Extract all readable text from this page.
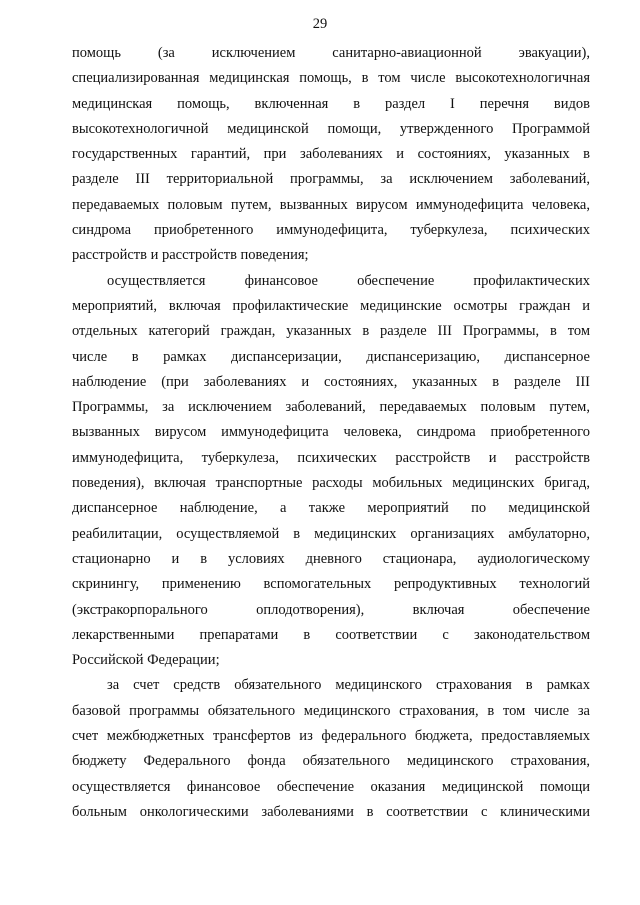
29
помощь (за исключением санитарно-авиационной эвакуации),
специализированная медицинская помощь, в том числе высокотехнологичная
медицинская помощь, включенная в раздел I перечня видов
высокотехнологичной медицинской помощи, утвержденного Программой
государственных гарантий, при заболеваниях и состояниях, указанных в
разделе III территориальной программы, за исключением заболеваний,
передаваемых половым путем, вызванных вирусом иммунодефицита человека,
синдрома приобретенного иммунодефицита, туберкулеза, психических
расстройств и расстройств поведения;
осуществляется финансовое обеспечение профилактических
мероприятий, включая профилактические медицинские осмотры граждан и
отдельных категорий граждан, указанных в разделе III Программы, в том
числе в рамках диспансеризации, диспансеризацию, диспансерное
наблюдение (при заболеваниях и состояниях, указанных в разделе III
Программы, за исключением заболеваний, передаваемых половым путем,
вызванных вирусом иммунодефицита человека, синдрома приобретенного
иммунодефицита, туберкулеза, психических расстройств и расстройств
поведения), включая транспортные расходы мобильных медицинских бригад,
диспансерное наблюдение, а также мероприятий по медицинской
реабилитации, осуществляемой в медицинских организациях амбулаторно,
стационарно и в условиях дневного стационара, аудиологическому
скринингу, применению вспомогательных репродуктивных технологий
(экстракорпорального оплодотворения), включая обеспечение
лекарственными препаратами в соответствии с законодательством
Российской Федерации;
за счет средств обязательного медицинского страхования в рамках
базовой программы обязательного медицинского страхования, в том числе за
счет межбюджетных трансфертов из федерального бюджета, предоставляемых
бюджету Федерального фонда обязательного медицинского страхования,
осуществляется финансовое обеспечение оказания медицинской помощи
больным онкологическими заболеваниями в соответствии с клиническими
